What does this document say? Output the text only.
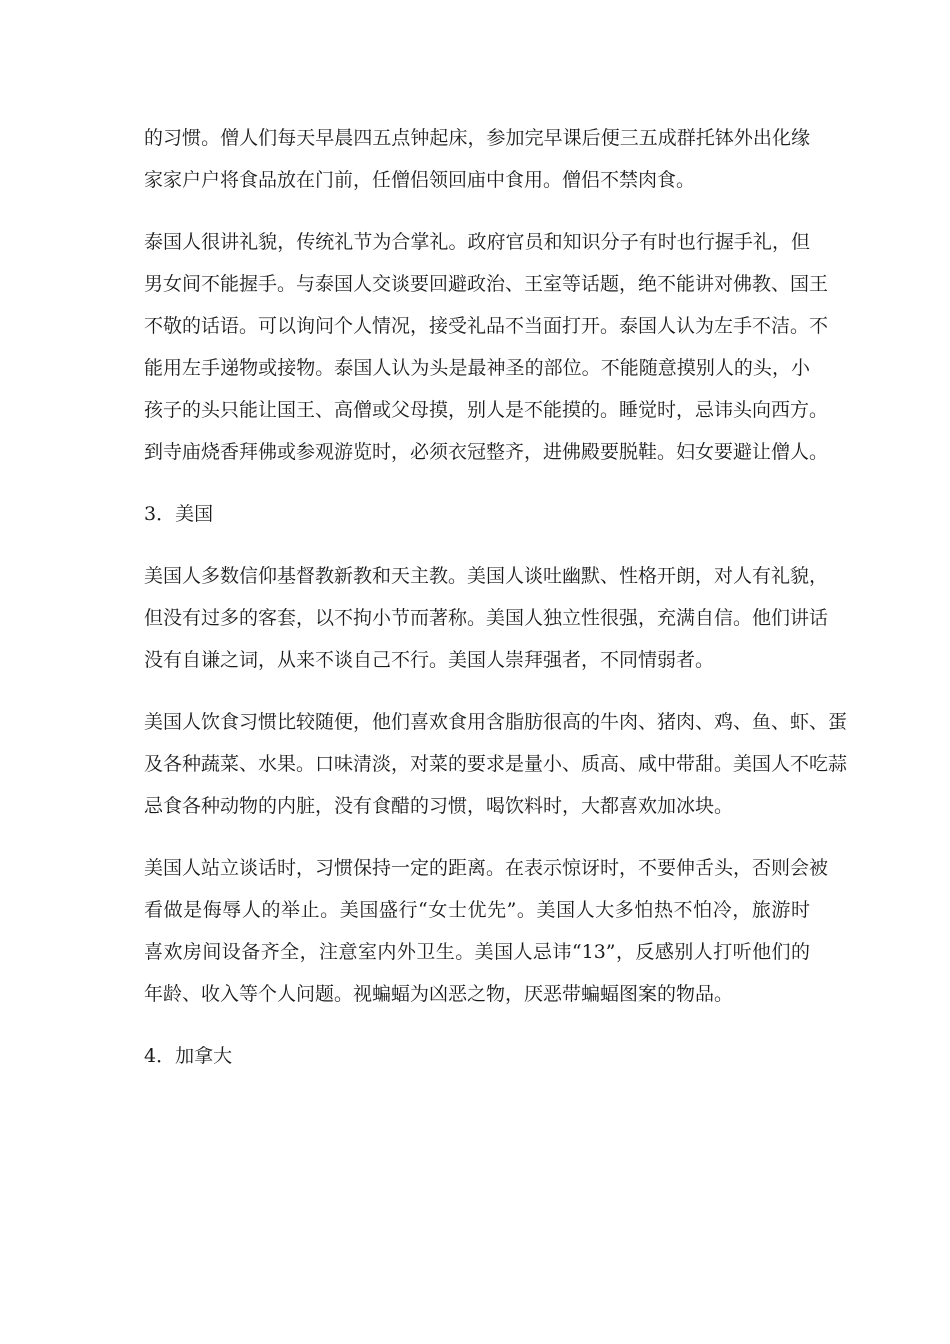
的习惯。僧人们每天早晨四五点钟起床，参加完早课后便三五成群托钵外出化缘
家家户户将食品放在门前，任僧侣领回庙中食用。僧侣不禁肉食。

泰国人很讲礼貌，传统礼节为合掌礼。政府官员和知识分子有时也行握手礼，但
男女间不能握手。与泰国人交谈要回避政治、王室等话题，绝不能讲对佛教、国王
不敬的话语。可以询问个人情况，接受礼品不当面打开。泰国人认为左手不洁。不
能用左手递物或接物。泰国人认为头是最神圣的部位。不能随意摸别人的头，小
孩子的头只能让国王、高僧或父母摸，别人是不能摸的。睡觉时，忌讳头向西方。
到寺庙烧香拜佛或参观游览时，必须衣冠整齐，进佛殿要脱鞋。妇女要避让僧人。

3．美国

美国人多数信仰基督教新教和天主教。美国人谈吐幽默、性格开朗，对人有礼貌，
但没有过多的客套，以不拘小节而著称。美国人独立性很强，充满自信。他们讲话
没有自谦之词，从来不谈自己不行。美国人崇拜强者，不同情弱者。

美国人饮食习惯比较随便，他们喜欢食用含脂肪很高的牛肉、猪肉、鸡、鱼、虾、蛋
及各种蔬菜、水果。口味清淡，对菜的要求是量小、质高、咸中带甜。美国人不吃蒜
忌食各种动物的内脏，没有食醋的习惯，喝饮料时，大都喜欢加冰块。

美国人站立谈话时，习惯保持一定的距离。在表示惊讶时，不要伸舌头，否则会被
看做是侮辱人的举止。美国盛行“女士优先”。美国人大多怕热不怕冷，旅游时
喜欢房间设备齐全，注意室内外卫生。美国人忌讳“13”，反感别人打听他们的
年龄、收入等个人问题。视蝙蝠为凶恶之物，厌恶带蝙蝠图案的物品。

4．加拿大
